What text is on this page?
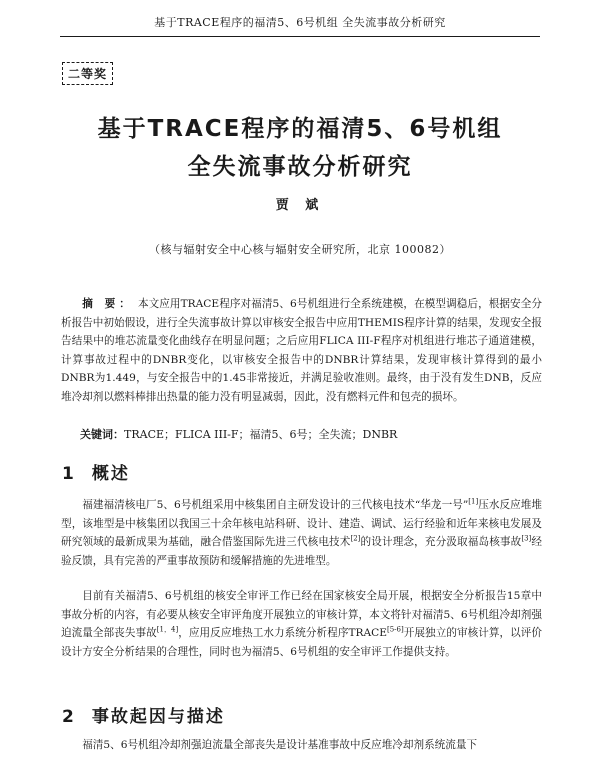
基于TRACE程序的福清5、6号机组 全失流事故分析研究
二等奖
基于TRACE程序的福清5、6号机组
全失流事故分析研究
贾 斌
（核与辐射安全中心核与辐射安全研究所，北京 100082）
摘 要： 本文应用TRACE程序对福清5、6号机组进行全系统建模，在模型调稳后，根据安全分析报告中初始假设，进行全失流事故计算以审核安全报告中应用THEMIS程序计算的结果，发现安全报告结果中的堆芯流量变化曲线存在明显问题；之后应用FLICA III-F程序对机组进行堆芯子通道建模，计算事故过程中的DNBR变化，以审核安全报告中的DNBR计算结果，发现审核计算得到的最小DNBR为1.449，与安全报告中的1.45非常接近，并满足验收准则。最终，由于没有发生DNB，反应堆冷却剂以燃料棒排出热量的能力没有明显减弱，因此，没有燃料元件和包壳的损坏。
关键词：TRACE；FLICA III-F；福清5、6号；全失流；DNBR
1 概述
福建福清核电厂5、6号机组采用中核集团自主研发设计的三代核电技术“华龙一号”[1]压水反应堆堆型，该堆型是中核集团以我国三十余年核电站科研、设计、建造、调试、运行经验和近年来核电发展及研究领域的最新成果为基础，融合借鉴国际先进三代核电技术[2]的设计理念，充分汲取福岛核事故[3]经验反馈，具有完善的严重事故预防和缓解措施的先进堆型。
目前有关福清5、6号机组的核安全审评工作已经在国家核安全局开展，根据安全分析报告15章中事故分析的内容，有必要从核安全审评角度开展独立的审核计算，本文将针对福清5、6号机组冷却剂强迫流量全部丧失事故[1，4]，应用反应堆热工水力系统分析程序TRACE[5-6]开展独立的审核计算，以评价设计方安全分析结果的合理性，同时也为福清5、6号机组的安全审评工作提供支持。
2 事故起因与描述
福清5、6号机组冷却剂强迫流量全部丧失是设计基准事故中反应堆冷却剂系统流量下
